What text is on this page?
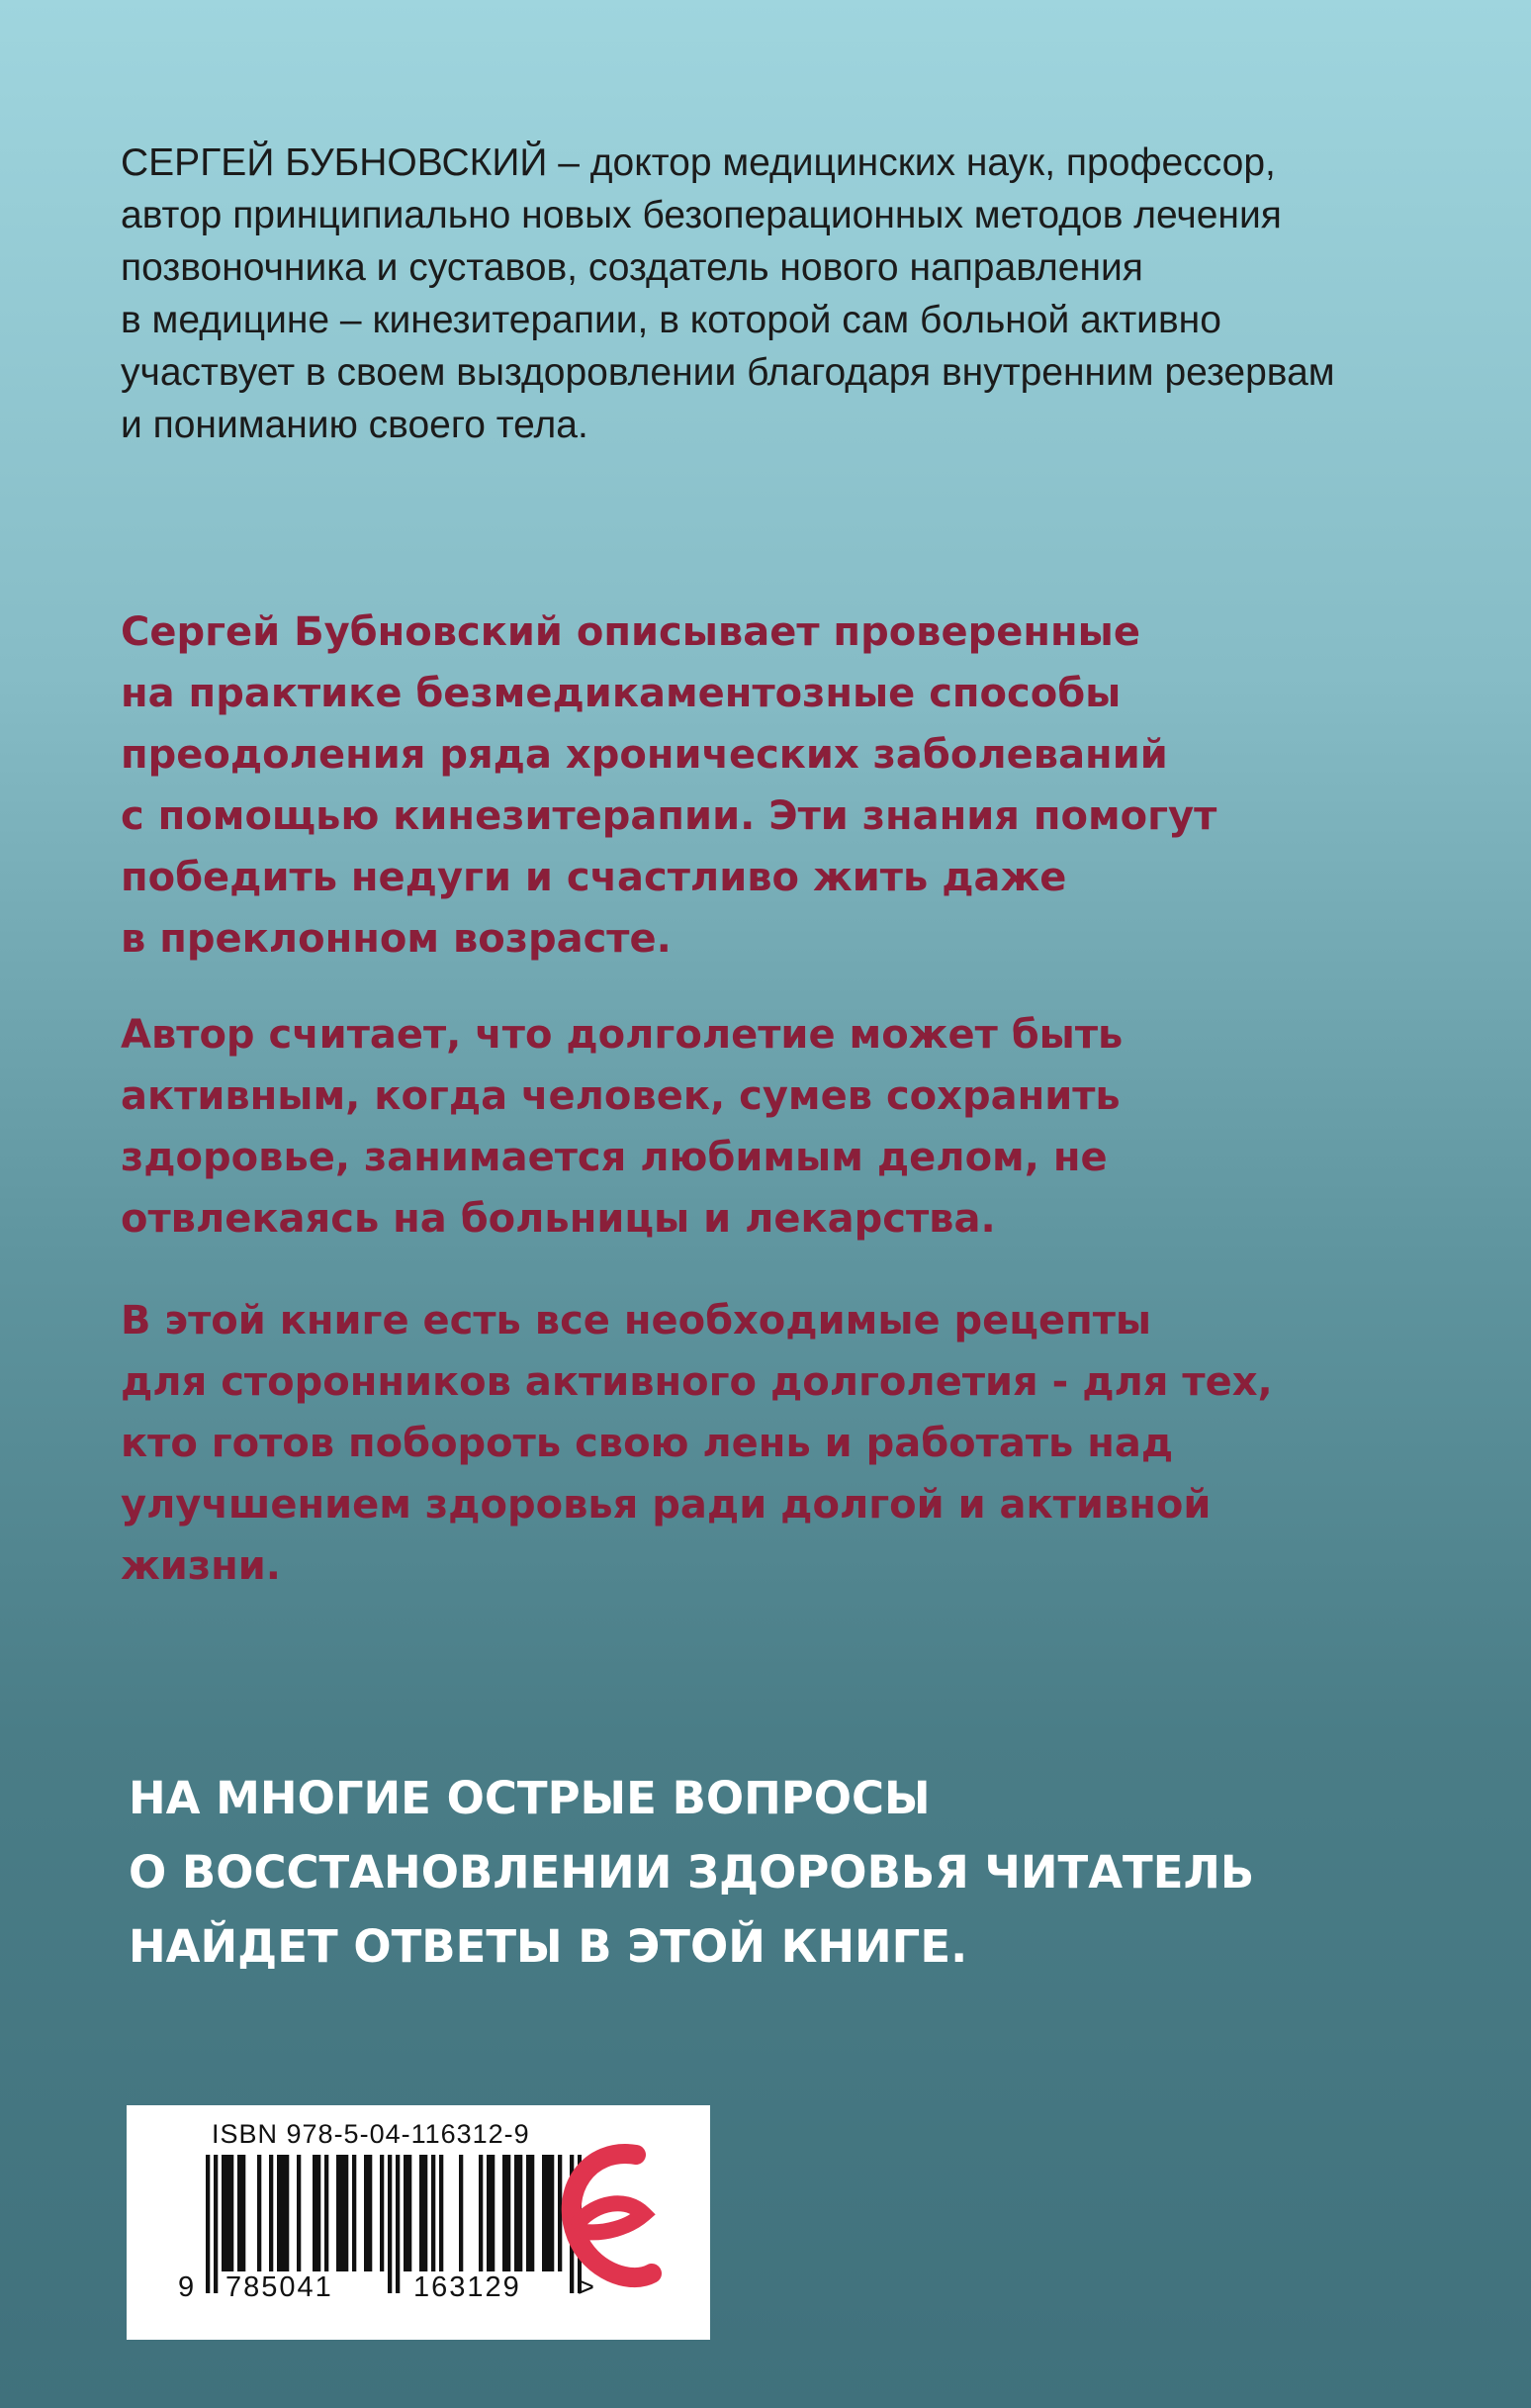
СЕРГЕЙ БУБНОВСКИЙ – доктор медицинских наук, профессор,
автор принципиально новых безоперационных методов лечения
позвоночника и суставов, создатель нового направления
в медицине – кинезитерапии, в которой сам больной активно
участвует в своем выздоровлении благодаря внутренним резервам
и пониманию своего тела.
Сергей Бубновский описывает проверенные
на практике безмедикаментозные способы
преодоления ряда хронических заболеваний
с помощью кинезитерапии. Эти знания помогут
победить недуги и счастливо жить даже
в преклонном возрасте.
Автор считает, что долголетие может быть
активным, когда человек, сумев сохранить
здоровье, занимается любимым делом, не
отвлекаясь на больницы и лекарства.
В этой книге есть все необходимые рецепты
для сторонников активного долголетия - для тех,
кто готов побороть свою лень и работать над
улучшением здоровья ради долгой и активной
жизни.
НА МНОГИЕ ОСТРЫЕ ВОПРОСЫ
О ВОССТАНОВЛЕНИИ ЗДОРОВЬЯ ЧИТАТЕЛЬ
НАЙДЕТ ОТВЕТЫ В ЭТОЙ КНИГЕ.
ISBN 978-5-04-116312-9
9 785041	163129 >
